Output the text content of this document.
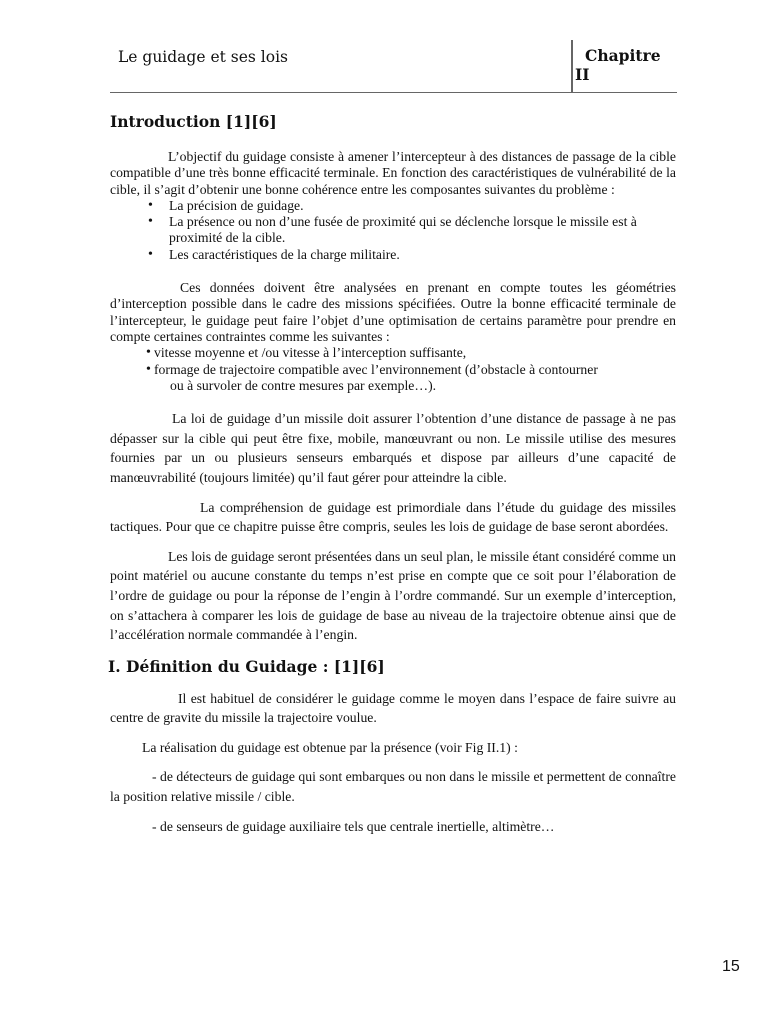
Le guidage et ses lois	Chapitre
II
Introduction [1][6]

L’objectif du guidage consiste à amener l’intercepteur à des distances de passage de la cible compatible d’une très bonne efficacité terminale. En fonction des caractéristiques de vulnérabilité de la cible, il s’agit d’obtenir une bonne cohérence entre les composantes suivantes du problème :

• La précision de guidage.
• La présence ou non d’une fusée de proximité qui se déclenche lorsque le missile est à proximité de la cible.
• Les caractéristiques de la charge militaire.

Ces données doivent être analysées en prenant en compte toutes les géométries d’interception possible dans le cadre des missions spécifiées. Outre la bonne efficacité terminale de l’intercepteur, le guidage peut faire l’objet d’une optimisation de certains paramètre pour prendre en compte certaines contraintes comme les suivantes :

• vitesse moyenne et /ou vitesse à l’interception suffisante,
• formage de trajectoire compatible avec l’environnement (d’obstacle à contourner
ou à survoler de contre mesures par exemple…).

La loi de guidage d’un missile doit assurer l’obtention d’une distance de passage à ne pas dépasser sur la cible qui peut être fixe, mobile, manœuvrant ou non. Le missile utilise des mesures fournies par un ou plusieurs senseurs embarqués et dispose par ailleurs d’une capacité de manœuvrabilité (toujours limitée) qu’il faut gérer pour atteindre la cible.

La compréhension de guidage est primordiale dans l’étude du guidage des missiles tactiques. Pour que ce chapitre puisse être compris, seules les lois de guidage de base seront abordées.

Les lois de guidage seront présentées dans un seul plan, le missile étant considéré comme un point matériel ou aucune constante du temps n’est prise en compte que ce soit pour l’élaboration de l’ordre de guidage ou pour la réponse de l’engin à l’ordre commandé. Sur un exemple d’interception, on s’attachera à comparer les lois de guidage de base au niveau de la trajectoire obtenue ainsi que de l’accélération normale commandée à l’engin.

I. Définition du Guidage : [1][6]

Il est habituel de considérer le guidage comme le moyen dans l’espace de faire suivre au centre de gravite du missile la trajectoire voulue.

La réalisation du guidage est obtenue par la présence (voir Fig II.1) :

- de détecteurs de guidage qui sont embarques ou non dans le missile et permettent de connaître la position relative missile / cible.

- de senseurs de guidage auxiliaire tels que centrale inertielle, altimètre…

15
